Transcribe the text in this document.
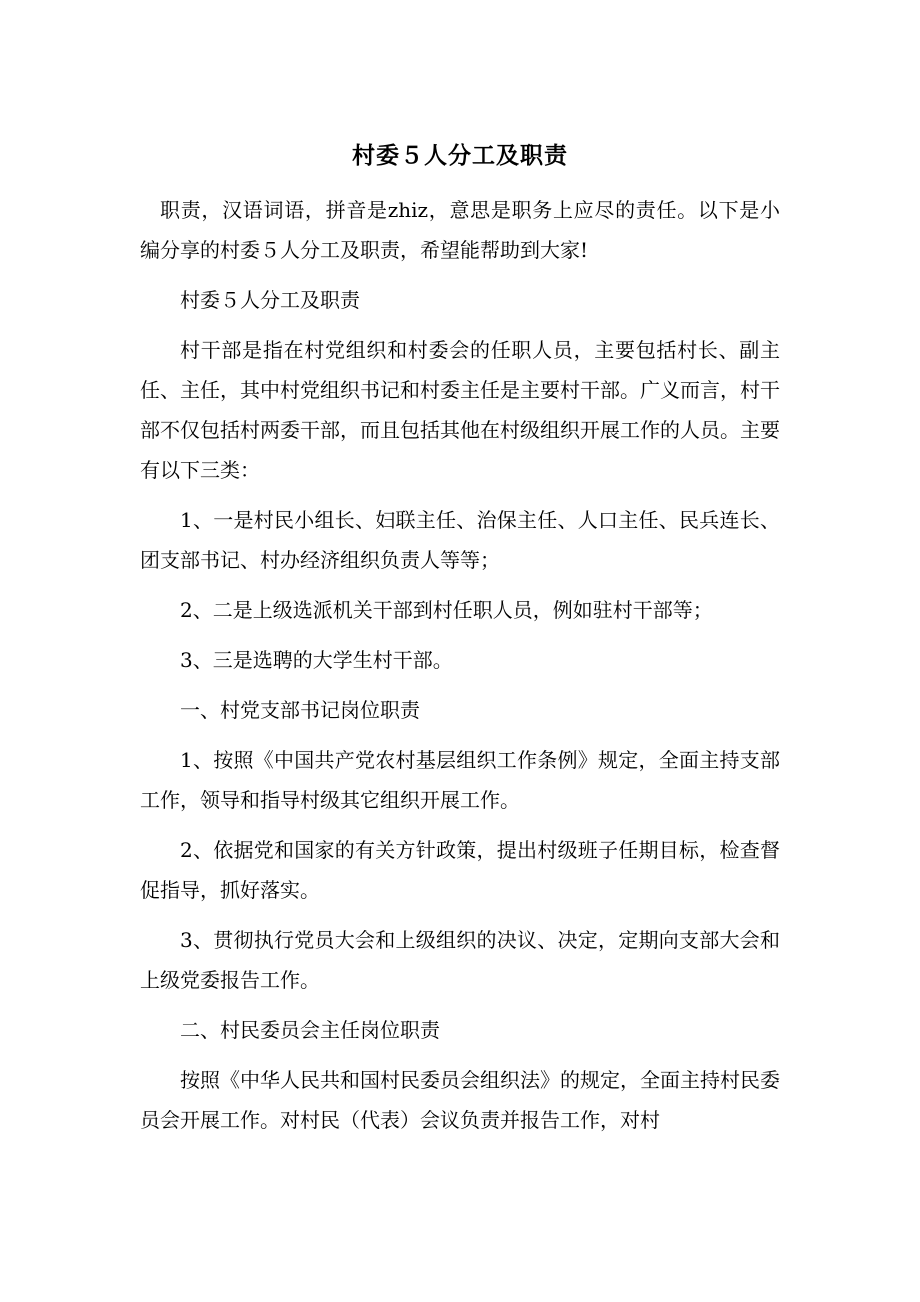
村委５人分工及职责

职责，汉语词语，拼音是zhiz，意思是职务上应尽的责任。以下是小编分享的村委５人分工及职责，希望能帮助到大家!

村委５人分工及职责

村干部是指在村党组织和村委会的任职人员，主要包括村长、副主任、主任，其中村党组织书记和村委主任是主要村干部。广义而言，村干部不仅包括村两委干部，而且包括其他在村级组织开展工作的人员。主要有以下三类：

1、一是村民小组长、妇联主任、治保主任、人口主任、民兵连长、团支部书记、村办经济组织负责人等等；

2、二是上级选派机关干部到村任职人员，例如驻村干部等；

3、三是选聘的大学生村干部。

一、村党支部书记岗位职责

1、按照《中国共产党农村基层组织工作条例》规定，全面主持支部工作，领导和指导村级其它组织开展工作。

2、依据党和国家的有关方针政策，提出村级班子任期目标，检查督促指导，抓好落实。

3、贯彻执行党员大会和上级组织的决议、决定，定期向支部大会和上级党委报告工作。

二、村民委员会主任岗位职责

按照《中华人民共和国村民委员会组织法》的规定，全面主持村民委员会开展工作。对村民（代表）会议负责并报告工作，对村
